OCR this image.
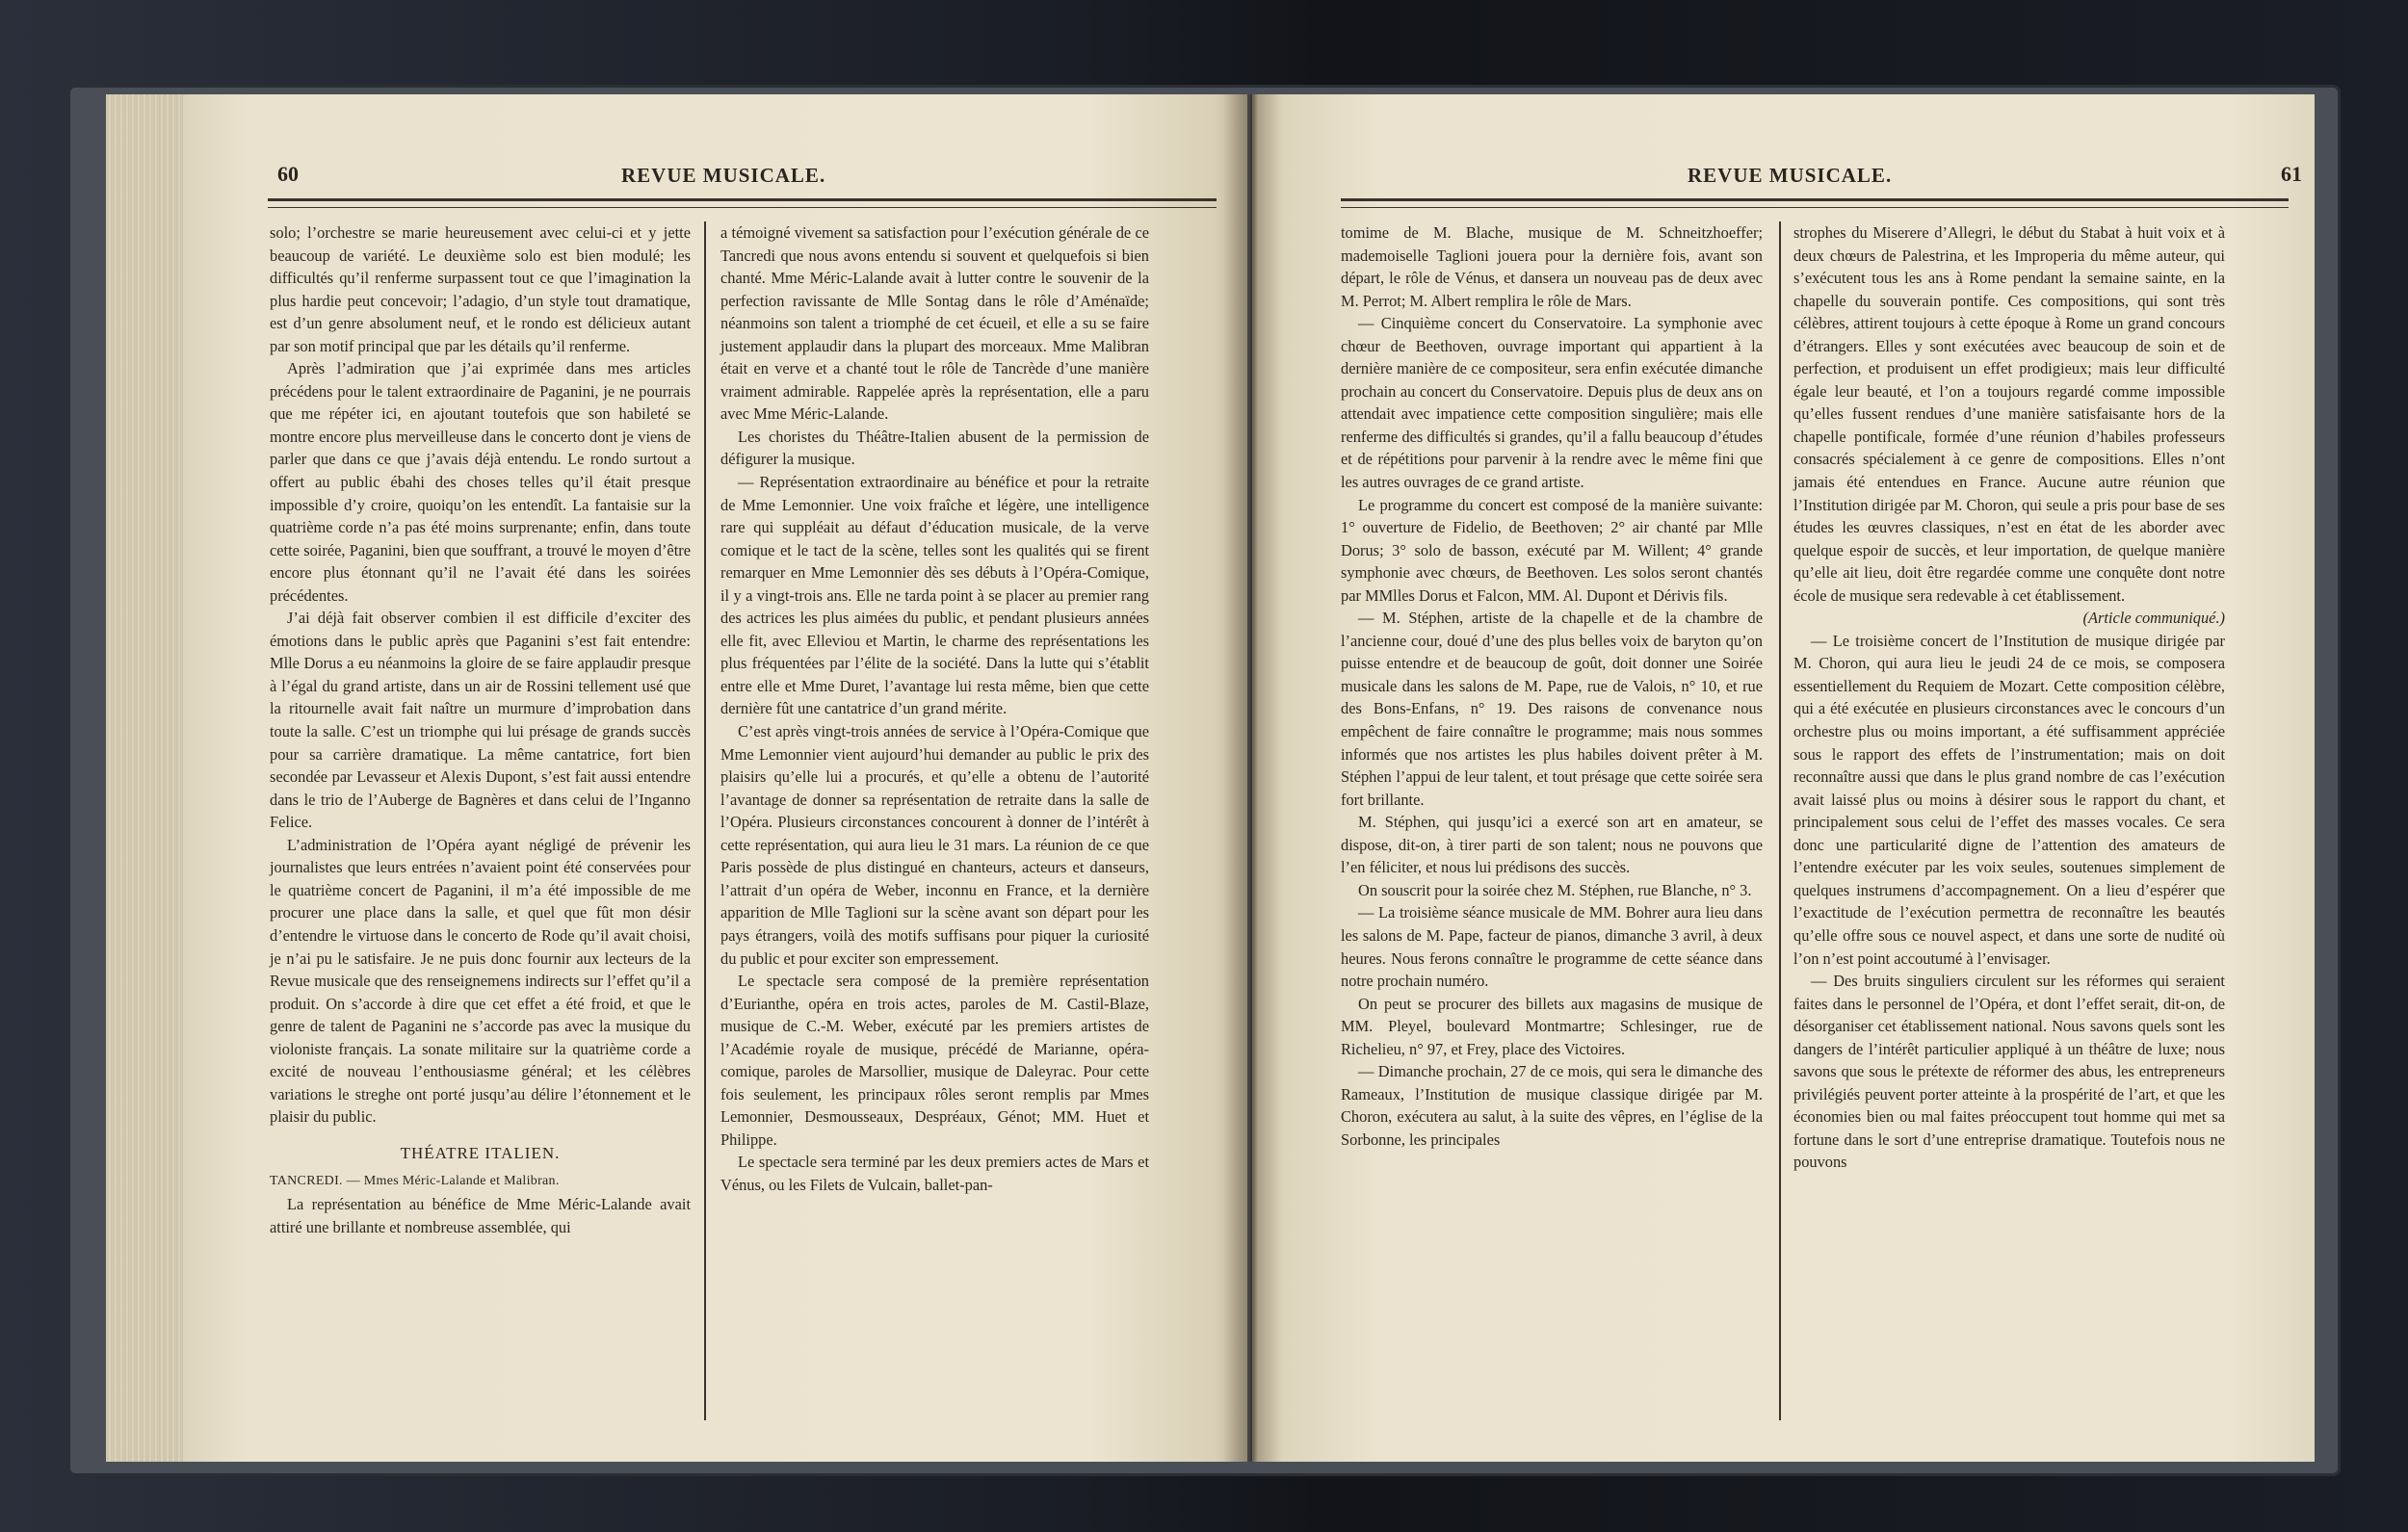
60	REVUE MUSICALE.

solo; l’orchestre se marie heureusement avec celui-ci et y jette beaucoup de variété. Le deuxième solo est bien modulé; les difficultés qu’il renferme surpassent tout ce que l’imagination la plus hardie peut concevoir; l’adagio, d’un style tout dramatique, est d’un genre absolument neuf, et le rondo est délicieux autant par son motif principal que par les détails qu’il renferme.

Après l’admiration que j’ai exprimée dans mes articles précédens pour le talent extraordinaire de Paganini, je ne pourrais que me répéter ici, en ajoutant toutefois que son habileté se montre encore plus merveilleuse dans le concerto dont je viens de parler que dans ce que j’avais déjà entendu. Le rondo surtout a offert au public ébahi des choses telles qu’il était presque impossible d’y croire, quoiqu’on les entendît. La fantaisie sur la quatrième corde n’a pas été moins surprenante; enfin, dans toute cette soirée, Paganini, bien que souffrant, a trouvé le moyen d’être encore plus étonnant qu’il ne l’avait été dans les soirées précédentes.

J’ai déjà fait observer combien il est difficile d’exciter des émotions dans le public après que Paganini s’est fait entendre: Mlle Dorus a eu néanmoins la gloire de se faire applaudir presque à l’égal du grand artiste, dans un air de Rossini tellement usé que la ritournelle avait fait naître un murmure d’improbation dans toute la salle. C’est un triomphe qui lui présage de grands succès pour sa carrière dramatique. La même cantatrice, fort bien secondée par Levasseur et Alexis Dupont, s’est fait aussi entendre dans le trio de l’Auberge de Bagnères et dans celui de l’Inganno Felice.

L’administration de l’Opéra ayant négligé de prévenir les journalistes que leurs entrées n’avaient point été conservées pour le quatrième concert de Paganini, il m’a été impossible de me procurer une place dans la salle, et quel que fût mon désir d’entendre le virtuose dans le concerto de Rode qu’il avait choisi, je n’ai pu le satisfaire. Je ne puis donc fournir aux lecteurs de la Revue musicale que des renseignemens indirects sur l’effet qu’il a produit. On s’accorde à dire que cet effet a été froid, et que le genre de talent de Paganini ne s’accorde pas avec la musique du violoniste français. La sonate militaire sur la quatrième corde a excité de nouveau l’enthousiasme général; et les célèbres variations le streghe ont porté jusqu’au délire l’étonnement et le plaisir du public.

THÉATRE ITALIEN.

TANCREDI. — Mmes Méric-Lalande et Malibran.

La représentation au bénéfice de Mme Méric-Lalande avait attiré une brillante et nombreuse assemblée, qui

a témoigné vivement sa satisfaction pour l’exécution générale de ce Tancredi que nous avons entendu si souvent et quelquefois si bien chanté. Mme Méric-Lalande avait à lutter contre le souvenir de la perfection ravissante de Mlle Sontag dans le rôle d’Aménaïde; néanmoins son talent a triomphé de cet écueil, et elle a su se faire justement applaudir dans la plupart des morceaux. Mme Malibran était en verve et a chanté tout le rôle de Tancrède d’une manière vraiment admirable. Rappelée après la représentation, elle a paru avec Mme Méric-Lalande.

Les choristes du Théâtre-Italien abusent de la permission de défigurer la musique.

— Représentation extraordinaire au bénéfice et pour la retraite de Mme Lemonnier. Une voix fraîche et légère, une intelligence rare qui suppléait au défaut d’éducation musicale, de la verve comique et le tact de la scène, telles sont les qualités qui se firent remarquer en Mme Lemonnier dès ses débuts à l’Opéra-Comique, il y a vingt-trois ans. Elle ne tarda point à se placer au premier rang des actrices les plus aimées du public, et pendant plusieurs années elle fit, avec Elleviou et Martin, le charme des représentations les plus fréquentées par l’élite de la société. Dans la lutte qui s’établit entre elle et Mme Duret, l’avantage lui resta même, bien que cette dernière fût une cantatrice d’un grand mérite.

C’est après vingt-trois années de service à l’Opéra-Comique que Mme Lemonnier vient aujourd’hui demander au public le prix des plaisirs qu’elle lui a procurés, et qu’elle a obtenu de l’autorité l’avantage de donner sa représentation de retraite dans la salle de l’Opéra. Plusieurs circonstances concourent à donner de l’intérêt à cette représentation, qui aura lieu le 31 mars. La réunion de ce que Paris possède de plus distingué en chanteurs, acteurs et danseurs, l’attrait d’un opéra de Weber, inconnu en France, et la dernière apparition de Mlle Taglioni sur la scène avant son départ pour les pays étrangers, voilà des motifs suffisans pour piquer la curiosité du public et pour exciter son empressement.

Le spectacle sera composé de la première représentation d’Eurianthe, opéra en trois actes, paroles de M. Castil-Blaze, musique de C.-M. Weber, exécuté par les premiers artistes de l’Académie royale de musique, précédé de Marianne, opéra-comique, paroles de Marsollier, musique de Daleyrac. Pour cette fois seulement, les principaux rôles seront remplis par Mmes Lemonnier, Desmousseaux, Despréaux, Génot; MM. Huet et Philippe.

Le spectacle sera terminé par les deux premiers actes de Mars et Vénus, ou les Filets de Vulcain, ballet-pan-

REVUE MUSICALE.	61

tomime de M. Blache, musique de M. Schneitzhoeffer; mademoiselle Taglioni jouera pour la dernière fois, avant son départ, le rôle de Vénus, et dansera un nouveau pas de deux avec M. Perrot; M. Albert remplira le rôle de Mars.

— Cinquième concert du Conservatoire. La symphonie avec chœur de Beethoven, ouvrage important qui appartient à la dernière manière de ce compositeur, sera enfin exécutée dimanche prochain au concert du Conservatoire. Depuis plus de deux ans on attendait avec impatience cette composition singulière; mais elle renferme des difficultés si grandes, qu’il a fallu beaucoup d’études et de répétitions pour parvenir à la rendre avec le même fini que les autres ouvrages de ce grand artiste.

Le programme du concert est composé de la manière suivante: 1° ouverture de Fidelio, de Beethoven; 2° air chanté par Mlle Dorus; 3° solo de basson, exécuté par M. Willent; 4° grande symphonie avec chœurs, de Beethoven. Les solos seront chantés par MMlles Dorus et Falcon, MM. Al. Dupont et Dérivis fils.

— M. Stéphen, artiste de la chapelle et de la chambre de l’ancienne cour, doué d’une des plus belles voix de baryton qu’on puisse entendre et de beaucoup de goût, doit donner une Soirée musicale dans les salons de M. Pape, rue de Valois, n° 10, et rue des Bons-Enfans, n° 19. Des raisons de convenance nous empêchent de faire connaître le programme; mais nous sommes informés que nos artistes les plus habiles doivent prêter à M. Stéphen l’appui de leur talent, et tout présage que cette soirée sera fort brillante.

M. Stéphen, qui jusqu’ici a exercé son art en amateur, se dispose, dit-on, à tirer parti de son talent; nous ne pouvons que l’en féliciter, et nous lui prédisons des succès.

On souscrit pour la soirée chez M. Stéphen, rue Blanche, n° 3.

— La troisième séance musicale de MM. Bohrer aura lieu dans les salons de M. Pape, facteur de pianos, dimanche 3 avril, à deux heures. Nous ferons connaître le programme de cette séance dans notre prochain numéro.

On peut se procurer des billets aux magasins de musique de MM. Pleyel, boulevard Montmartre; Schlesinger, rue de Richelieu, n° 97, et Frey, place des Victoires.

— Dimanche prochain, 27 de ce mois, qui sera le dimanche des Rameaux, l’Institution de musique classique dirigée par M. Choron, exécutera au salut, à la suite des vêpres, en l’église de la Sorbonne, les principales

strophes du Miserere d’Allegri, le début du Stabat à huit voix et à deux chœurs de Palestrina, et les Improperia du même auteur, qui s’exécutent tous les ans à Rome pendant la semaine sainte, en la chapelle du souverain pontife. Ces compositions, qui sont très célèbres, attirent toujours à cette époque à Rome un grand concours d’étrangers. Elles y sont exécutées avec beaucoup de soin et de perfection, et produisent un effet prodigieux; mais leur difficulté égale leur beauté, et l’on a toujours regardé comme impossible qu’elles fussent rendues d’une manière satisfaisante hors de la chapelle pontificale, formée d’une réunion d’habiles professeurs consacrés spécialement à ce genre de compositions. Elles n’ont jamais été entendues en France. Aucune autre réunion que l’Institution dirigée par M. Choron, qui seule a pris pour base de ses études les œuvres classiques, n’est en état de les aborder avec quelque espoir de succès, et leur importation, de quelque manière qu’elle ait lieu, doit être regardée comme une conquête dont notre école de musique sera redevable à cet établissement.

(Article communiqué.)

— Le troisième concert de l’Institution de musique dirigée par M. Choron, qui aura lieu le jeudi 24 de ce mois, se composera essentiellement du Requiem de Mozart. Cette composition célèbre, qui a été exécutée en plusieurs circonstances avec le concours d’un orchestre plus ou moins important, a été suffisamment appréciée sous le rapport des effets de l’instrumentation; mais on doit reconnaître aussi que dans le plus grand nombre de cas l’exécution avait laissé plus ou moins à désirer sous le rapport du chant, et principalement sous celui de l’effet des masses vocales. Ce sera donc une particularité digne de l’attention des amateurs de l’entendre exécuter par les voix seules, soutenues simplement de quelques instrumens d’accompagnement. On a lieu d’espérer que l’exactitude de l’exécution permettra de reconnaître les beautés qu’elle offre sous ce nouvel aspect, et dans une sorte de nudité où l’on n’est point accoutumé à l’envisager.

— Des bruits singuliers circulent sur les réformes qui seraient faites dans le personnel de l’Opéra, et dont l’effet serait, dit-on, de désorganiser cet établissement national. Nous savons quels sont les dangers de l’intérêt particulier appliqué à un théâtre de luxe; nous savons que sous le prétexte de réformer des abus, les entrepreneurs privilégiés peuvent porter atteinte à la prospérité de l’art, et que les économies bien ou mal faites préoccupent tout homme qui met sa fortune dans le sort d’une entreprise dramatique. Toutefois nous ne pouvons
